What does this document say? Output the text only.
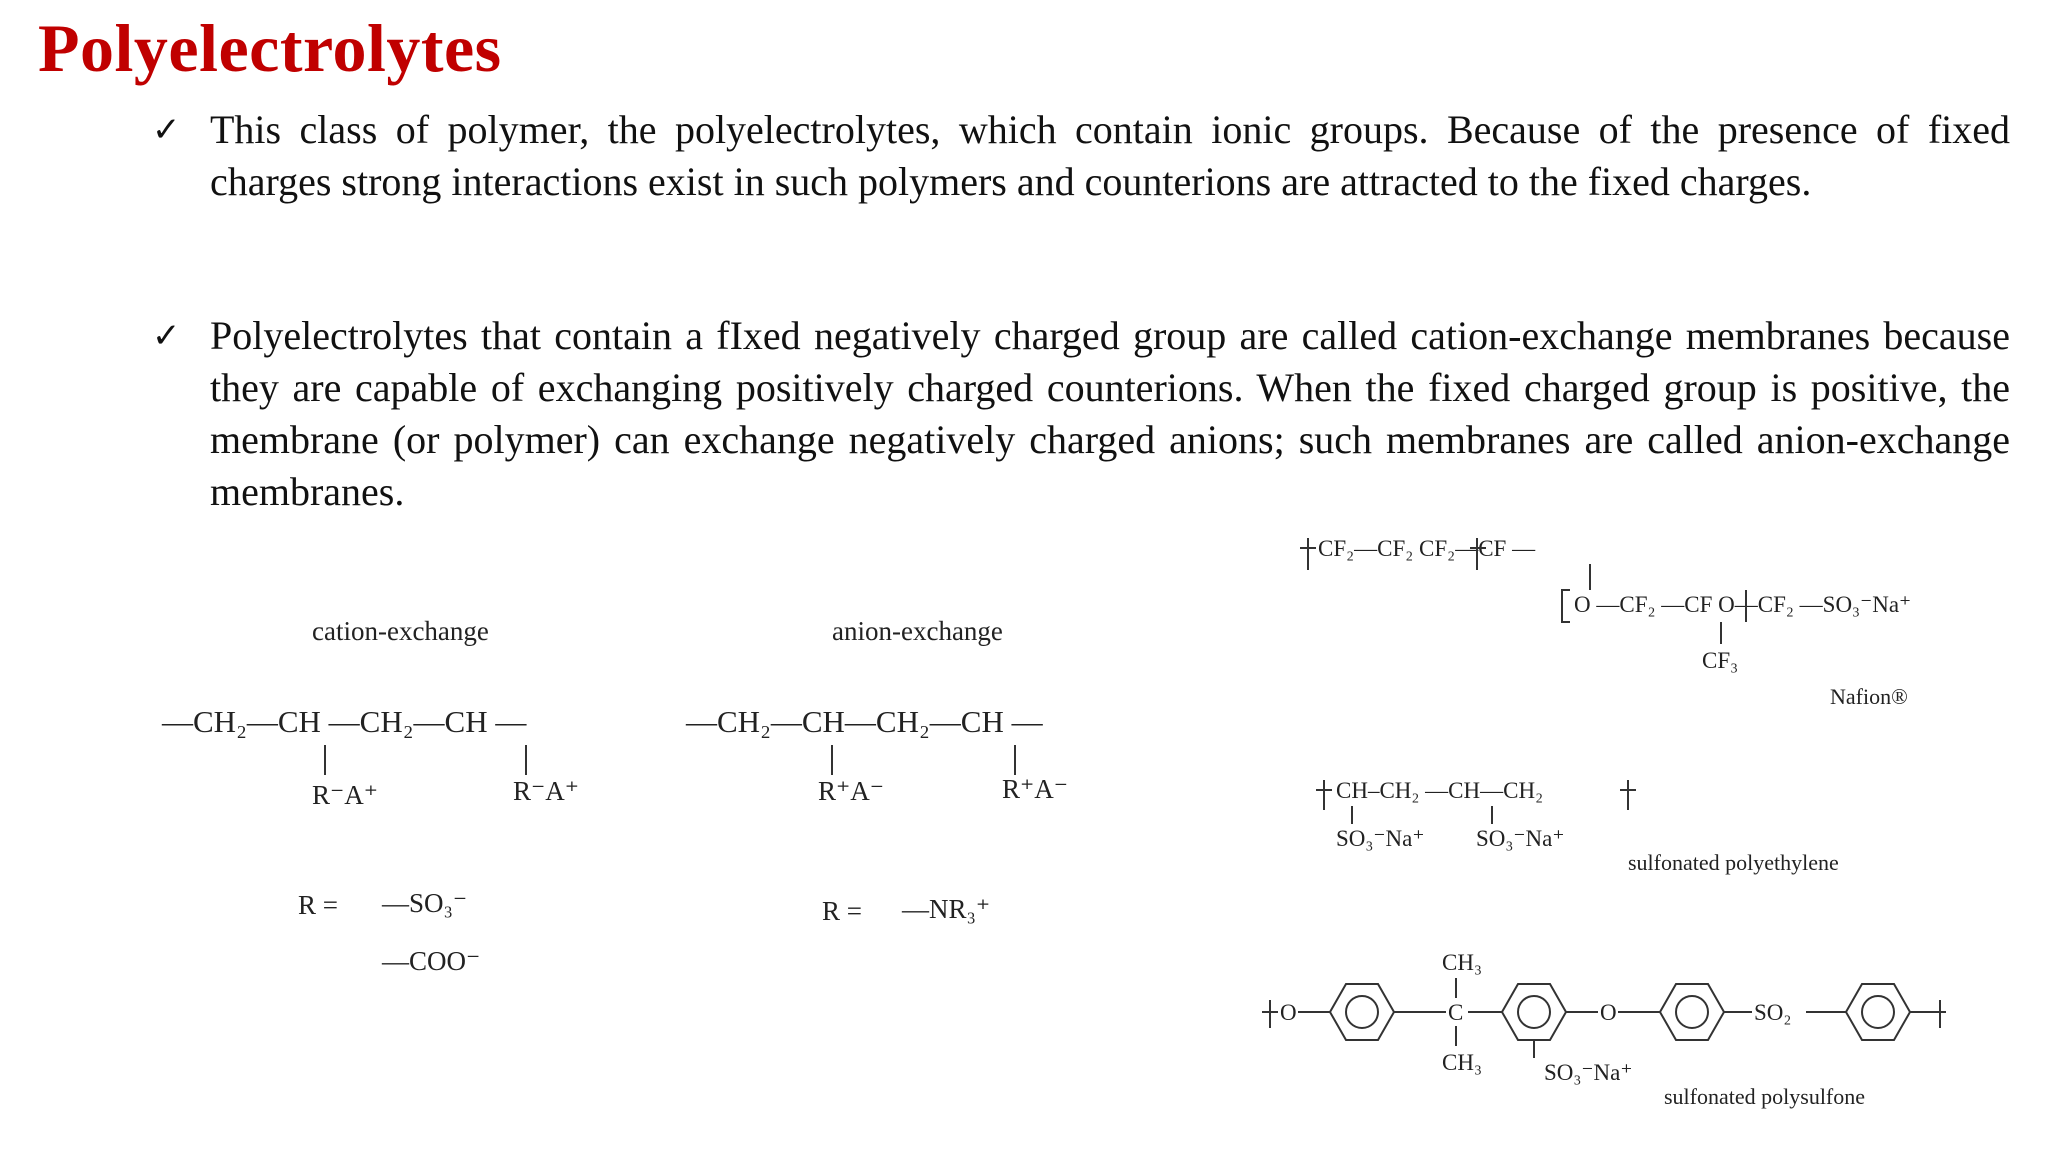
Polyelectrolytes
✓ This class of polymer, the polyelectrolytes, which contain ionic groups. Because of the presence of fixed charges strong interactions exist in such polymers and counterions are attracted to the fixed charges.
✓ Polyelectrolytes that contain a fIxed negatively charged group are called cation-exchange membranes because they are capable of exchanging positively charged counterions. When the fixed charged group is positive, the membrane (or polymer) can exchange negatively charged anions; such membranes are called anion-exchange membranes.
cation-exchange
—CH₂—CH —CH₂—CH —
R⁻A⁺	R⁻A⁺
R = —SO₃⁻
—COO⁻
anion-exchange
—CH₂—CH—CH₂—CH —
R⁺A⁻	R⁺A⁻
R = —NR₃⁺
CF₂—CF₂ CF₂—CF —
O —CF₂ —CF O—CF₂ —SO₃⁻Na⁺
CF₃
Nafion®
CH–CH₂ —CH—CH₂
SO₃⁻Na⁺ SO₃⁻Na⁺
sulfonated polyethylene
O
CH₃
C
CH₃	SO₃⁻Na⁺
O	SO₂
sulfonated polysulfone
